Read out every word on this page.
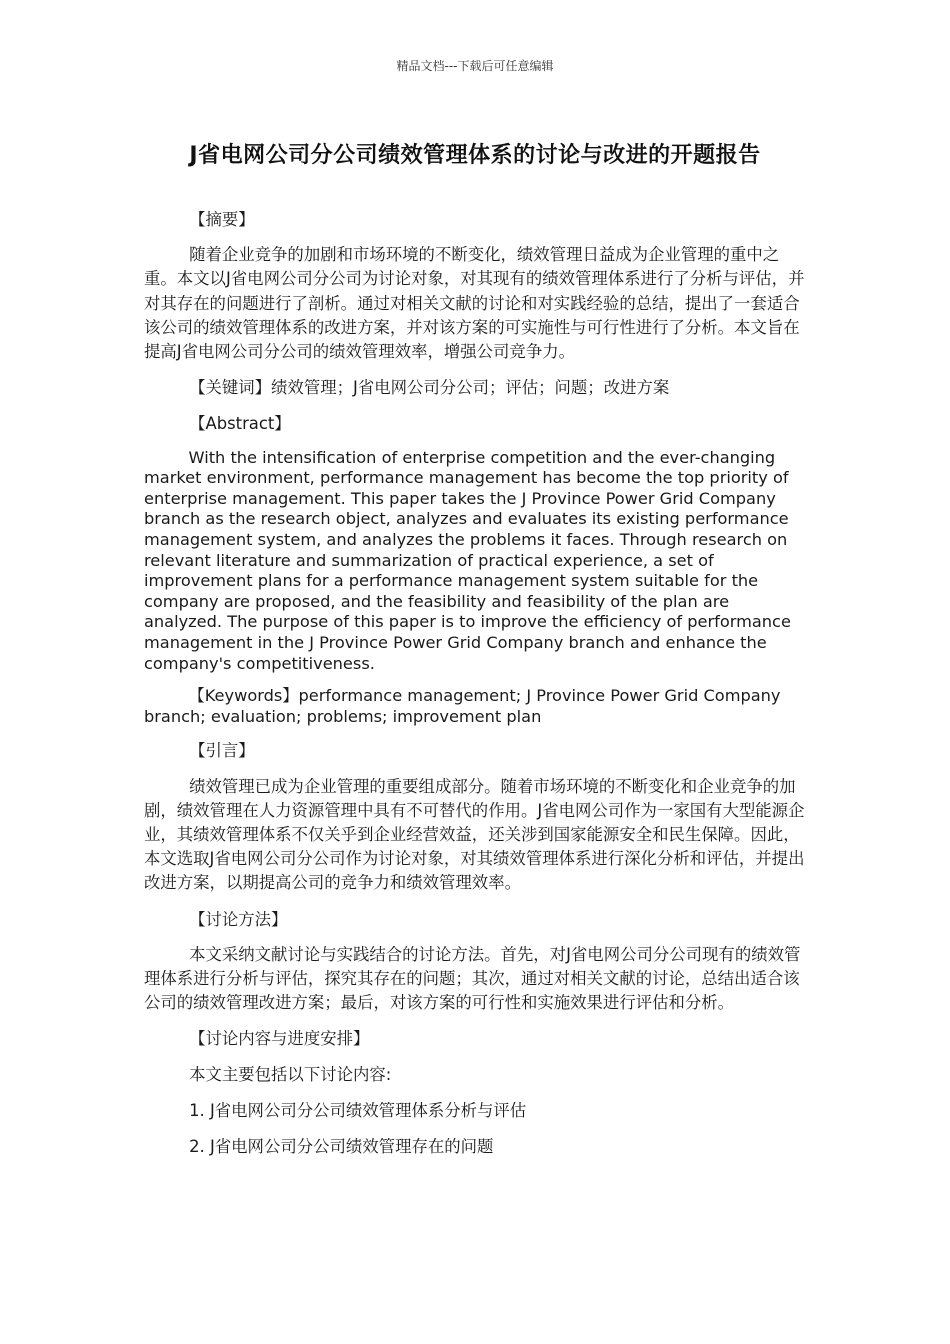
精品文档---下载后可任意编辑
J省电网公司分公司绩效管理体系的讨论与改进的开题报告

【摘要】

随着企业竞争的加剧和市场环境的不断变化，绩效管理日益成为企业管理的重中之重。本文以J省电网公司分公司为讨论对象，对其现有的绩效管理体系进行了分析与评估，并对其存在的问题进行了剖析。通过对相关文献的讨论和对实践经验的总结，提出了一套适合该公司的绩效管理体系的改进方案，并对该方案的可实施性与可行性进行了分析。本文旨在提高J省电网公司分公司的绩效管理效率，增强公司竞争力。

【关键词】绩效管理；J省电网公司分公司；评估；问题；改进方案

【Abstract】

With the intensification of enterprise competition and the ever-changing market environment, performance management has become the top priority of enterprise management. This paper takes the J Province Power Grid Company branch as the research object, analyzes and evaluates its existing performance management system, and analyzes the problems it faces. Through research on relevant literature and summarization of practical experience, a set of improvement plans for a performance management system suitable for the company are proposed, and the feasibility and feasibility of the plan are analyzed. The purpose of this paper is to improve the efficiency of performance management in the J Province Power Grid Company branch and enhance the company's competitiveness.

【Keywords】performance management; J Province Power Grid Company branch; evaluation; problems; improvement plan

【引言】

绩效管理已成为企业管理的重要组成部分。随着市场环境的不断变化和企业竞争的加剧，绩效管理在人力资源管理中具有不可替代的作用。J省电网公司作为一家国有大型能源企业，其绩效管理体系不仅关乎到企业经营效益，还关涉到国家能源安全和民生保障。因此，本文选取J省电网公司分公司作为讨论对象，对其绩效管理体系进行深化分析和评估，并提出改进方案，以期提高公司的竞争力和绩效管理效率。

【讨论方法】

本文采纳文献讨论与实践结合的讨论方法。首先，对J省电网公司分公司现有的绩效管理体系进行分析与评估，探究其存在的问题；其次，通过对相关文献的讨论，总结出适合该公司的绩效管理改进方案；最后，对该方案的可行性和实施效果进行评估和分析。

【讨论内容与进度安排】

本文主要包括以下讨论内容:

1. J省电网公司分公司绩效管理体系分析与评估

2. J省电网公司分公司绩效管理存在的问题
